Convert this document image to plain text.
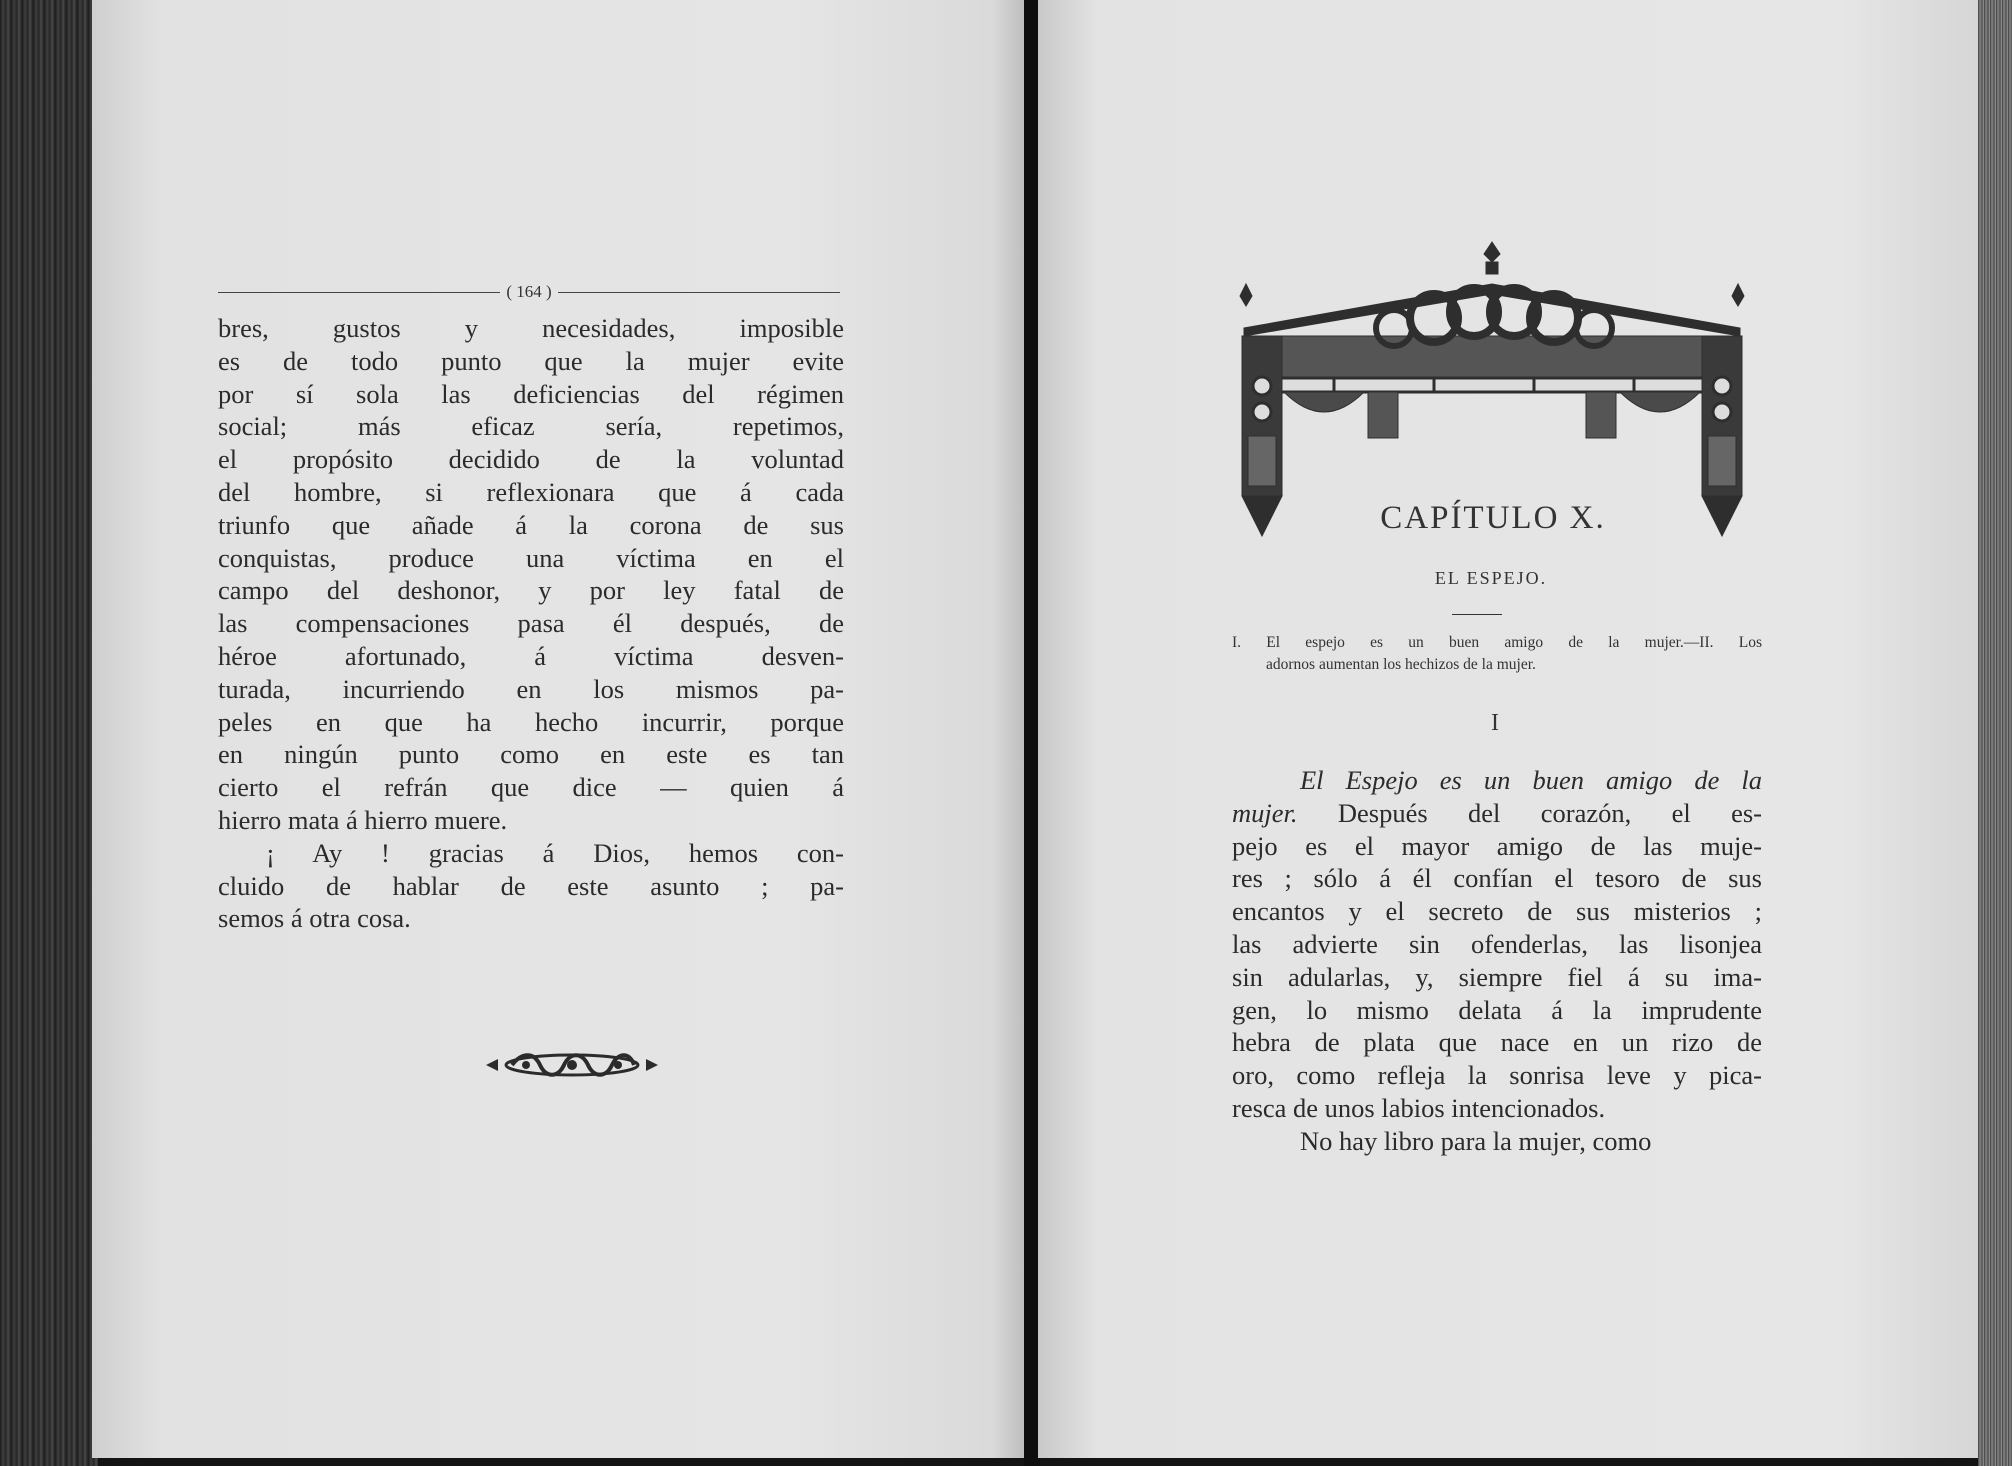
( 164 )
bres, gustos y necesidades, imposible
es de todo punto que la mujer evite
por sí sola las deficiencias del régimen
social; más eficaz sería, repetimos,
el propósito decidido de la voluntad
del hombre, si reflexionara que á cada
triunfo que añade á la corona de sus
conquistas, produce una víctima en el
campo del deshonor, y por ley fatal de
las compensaciones pasa él después, de
héroe afortunado, á víctima desven-
turada, incurriendo en los mismos pa-
peles en que ha hecho incurrir, porque
en ningún punto como en este es tan
cierto el refrán que dice — quien á
hierro mata á hierro muere.
¡ Ay ! gracias á Dios, hemos con-
cluido de hablar de este asunto ; pa-
semos á otra cosa.
CAPÍTULO X.
EL ESPEJO.
I. El espejo es un buen amigo de la mujer.—II. Los
adornos aumentan los hechizos de la mujer.
I
El Espejo es un buen amigo de la
mujer. Después del corazón, el es-
pejo es el mayor amigo de las muje-
res ; sólo á él confían el tesoro de sus
encantos y el secreto de sus misterios ;
las advierte sin ofenderlas, las lisonjea
sin adularlas, y, siempre fiel á su ima-
gen, lo mismo delata á la imprudente
hebra de plata que nace en un rizo de
oro, como refleja la sonrisa leve y pica-
resca de unos labios intencionados.
No hay libro para la mujer, como
